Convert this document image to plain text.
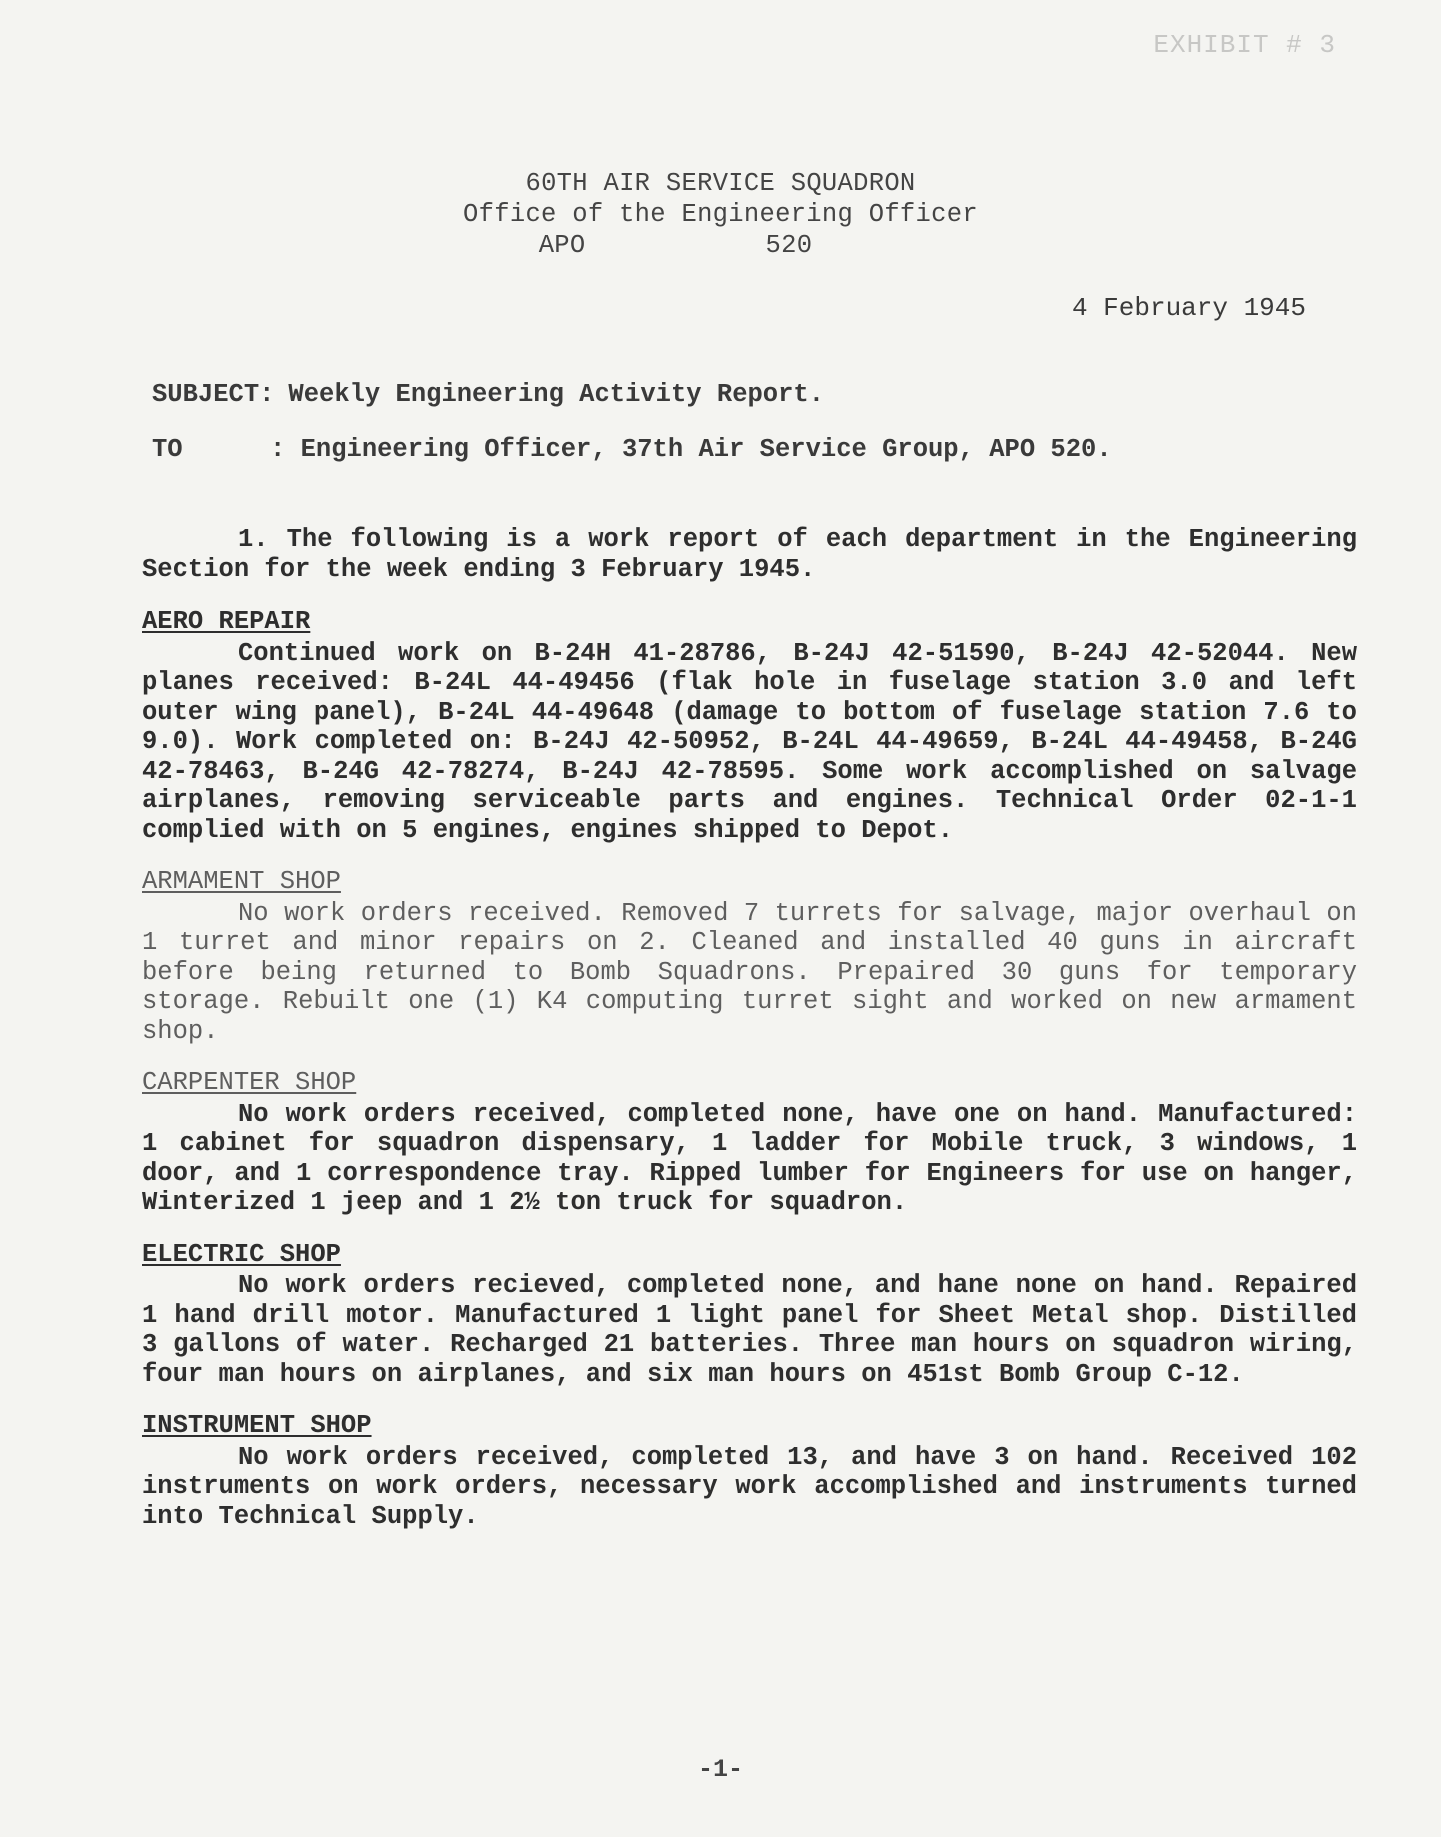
EXHIBIT # 3
60TH AIR SERVICE SQUADRON
Office of the Engineering Officer
APO	520
4 February 1945
SUBJECT: Weekly Engineering Activity Report.
TO	: Engineering Officer, 37th Air Service Group, APO 520.

1. The following is a work report of each department in the Engineering Section for the week ending 3 February 1945.

AERO REPAIR

Continued work on B-24H 41-28786, B-24J 42-51590, B-24J 42-52044. New planes received: B-24L 44-49456 (flak hole in fuselage station 3.0 and left outer wing panel), B-24L 44-49648 (damage to bottom of fuselage station 7.6 to 9.0). Work completed on: B-24J 42-50952, B-24L 44-49659, B-24L 44-49458, B-24G 42-78463, B-24G 42-78274, B-24J 42-78595. Some work accomplished on salvage airplanes, removing serviceable parts and engines. Technical Order 02-1-1 complied with on 5 engines, engines shipped to Depot.

ARMAMENT SHOP

No work orders received. Removed 7 turrets for salvage, major overhaul on 1 turret and minor repairs on 2. Cleaned and installed 40 guns in aircraft before being returned to Bomb Squadrons. Prepaired 30 guns for temporary storage. Rebuilt one (1) K4 computing turret sight and worked on new armament shop.

CARPENTER SHOP

No work orders received, completed none, have one on hand. Manufactured: 1 cabinet for squadron dispensary, 1 ladder for Mobile truck, 3 windows, 1 door, and 1 correspondence tray. Ripped lumber for Engineers for use on hanger, Winterized 1 jeep and 1 2½ ton truck for squadron.

ELECTRIC SHOP

No work orders recieved, completed none, and hane none on hand. Repaired 1 hand drill motor. Manufactured 1 light panel for Sheet Metal shop. Distilled 3 gallons of water. Recharged 21 batteries. Three man hours on squadron wiring, four man hours on airplanes, and six man hours on 451st Bomb Group C-12.

INSTRUMENT SHOP

No work orders received, completed 13, and have 3 on hand. Received 102 instruments on work orders, necessary work accomplished and instruments turned into Technical Supply.

-1-
